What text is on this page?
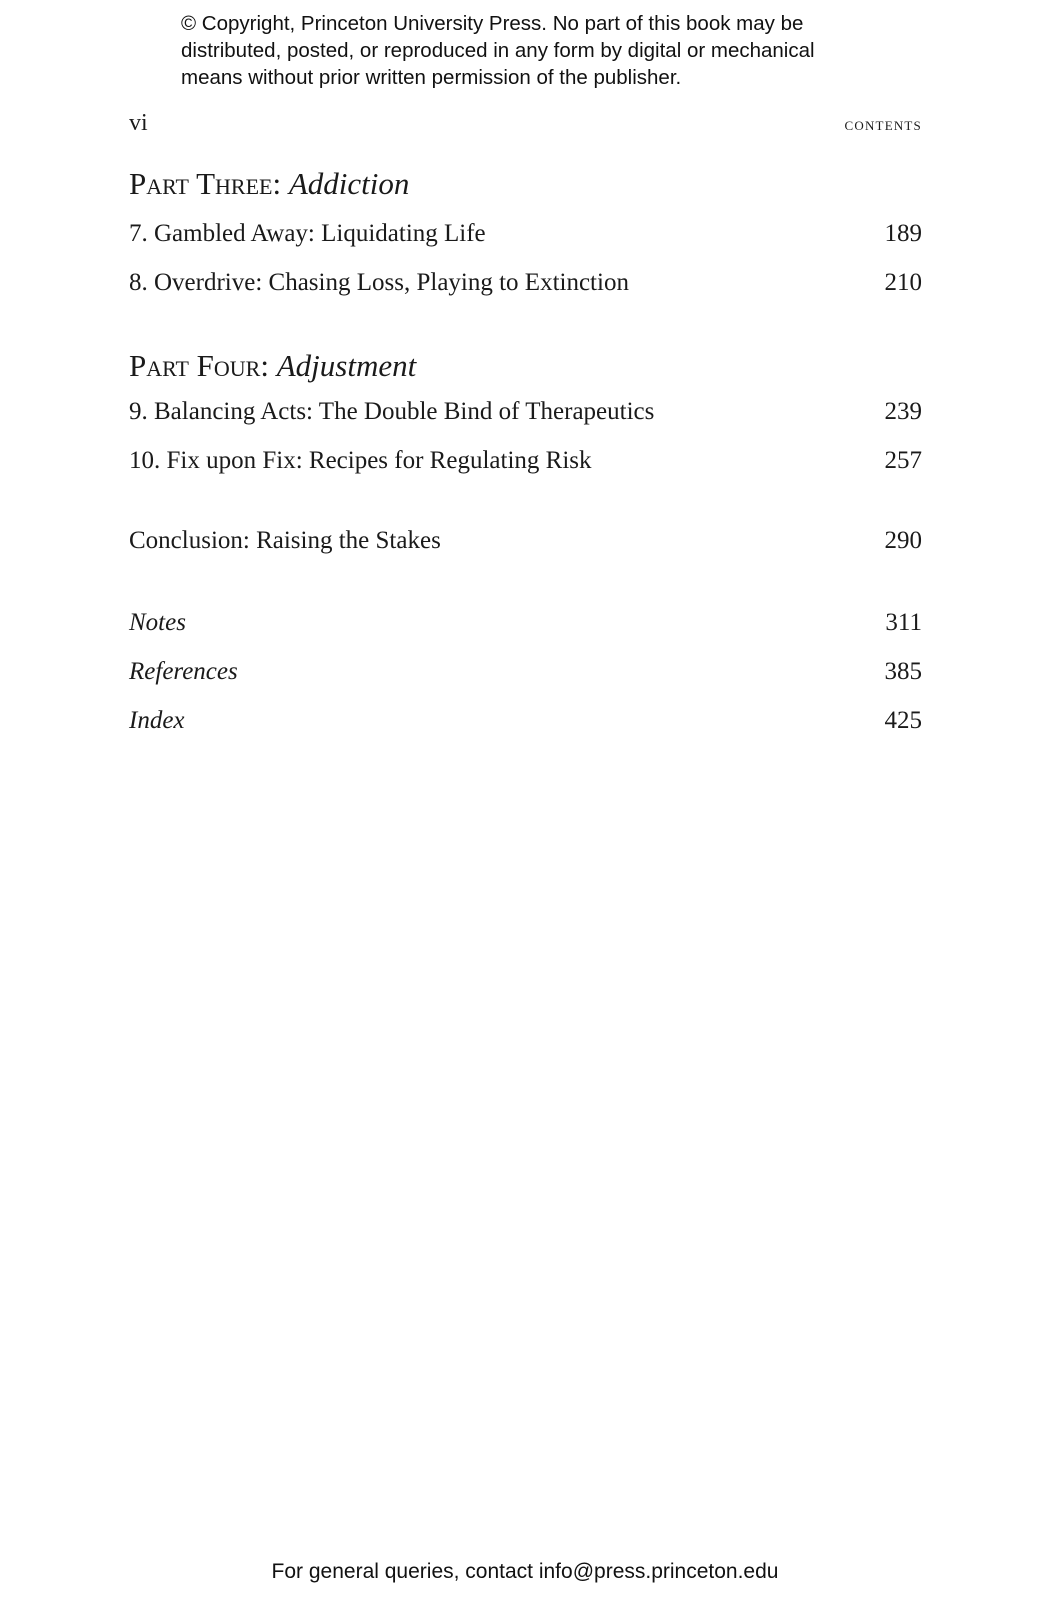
© Copyright, Princeton University Press. No part of this book may be
distributed, posted, or reproduced in any form by digital or mechanical
means without prior written permission of the publisher.
vi	contents
Part Three: Addiction
7. Gambled Away: Liquidating Life	189
8. Overdrive: Chasing Loss, Playing to Extinction	210
Part Four: Adjustment
9. Balancing Acts: The Double Bind of Therapeutics	239
10. Fix upon Fix: Recipes for Regulating Risk	257
Conclusion: Raising the Stakes	290
Notes	311
References	385
Index	425
For general queries, contact info@press.princeton.edu
